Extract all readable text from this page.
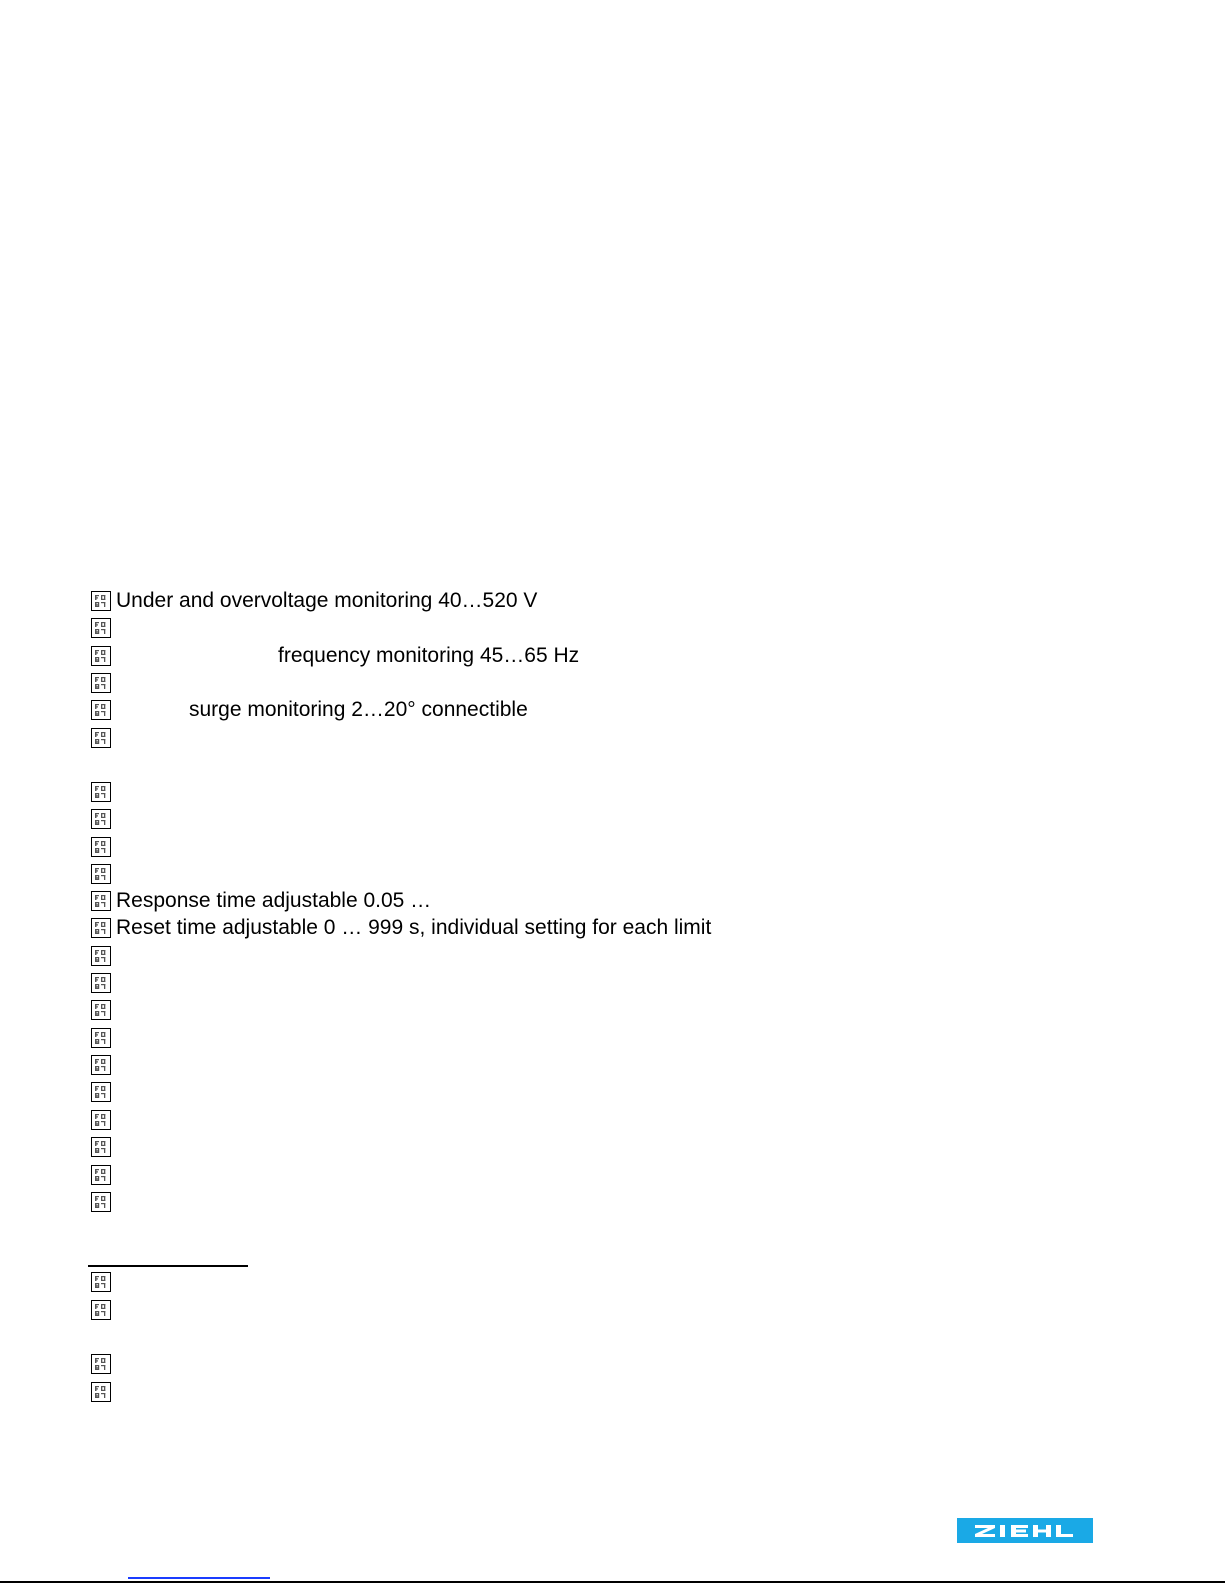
Under and overvoltage monitoring 40…520 V
frequency monitoring 45…65 Hz
surge monitoring 2…20° connectible
Response time adjustable 0.05 …
Reset time adjustable 0 … 999 s, individual setting for each limit
